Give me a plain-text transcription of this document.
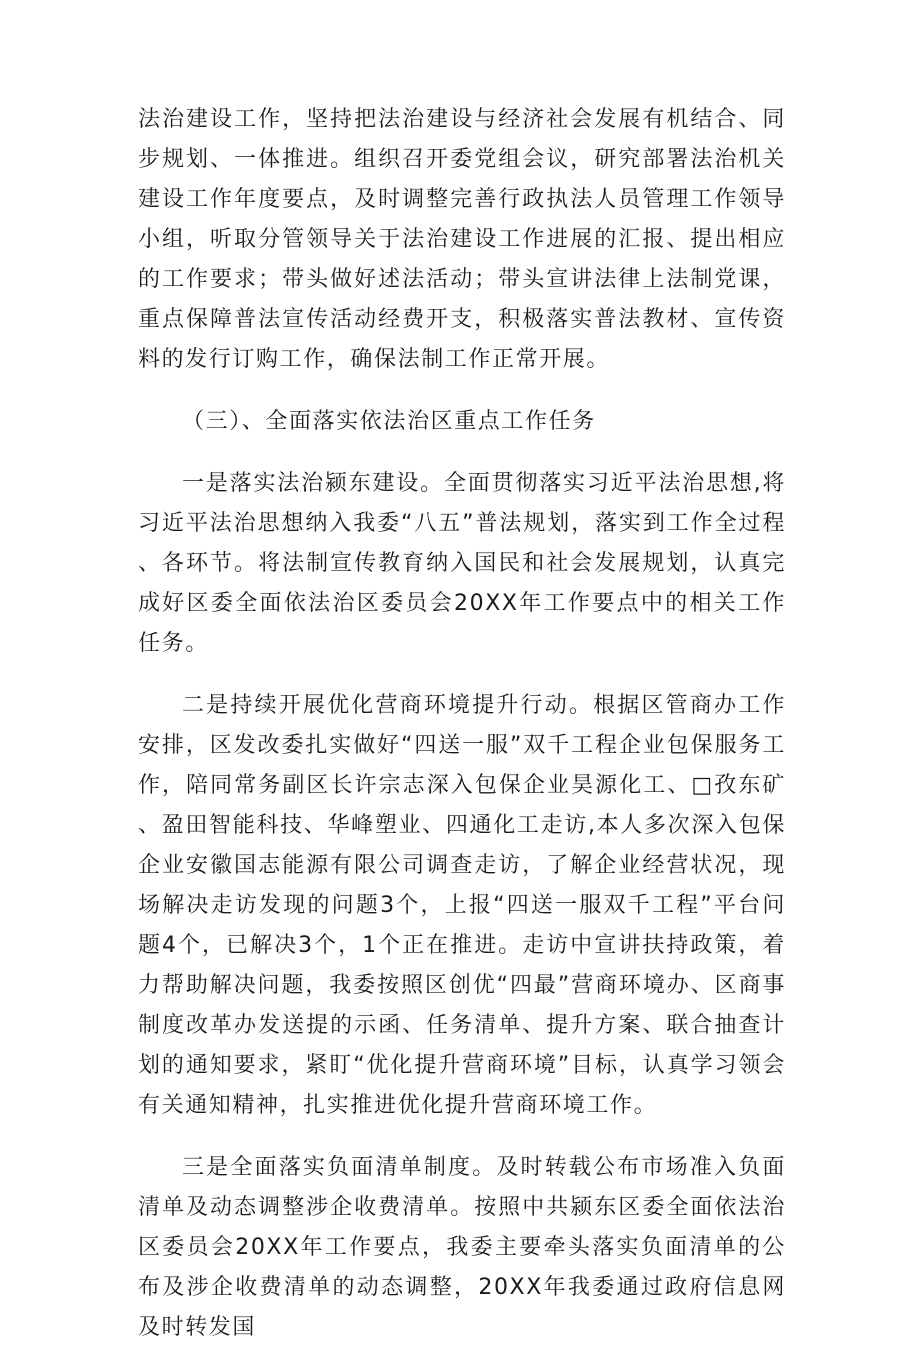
法治建设工作，坚持把法治建设与经济社会发展有机结合、同步规划、一体推进。组织召开委党组会议，研究部署法治机关建设工作年度要点，及时调整完善行政执法人员管理工作领导小组，听取分管领导关于法治建设工作进展的汇报、提出相应的工作要求；带头做好述法活动；带头宣讲法律上法制党课，重点保障普法宣传活动经费开支，积极落实普法教材、宣传资料的发行订购工作，确保法制工作正常开展。

（三）、全面落实依法治区重点工作任务

一是落实法治颍东建设。全面贯彻落实习近平法治思想,将习近平法治思想纳入我委“八五”普法规划，落实到工作全过程、各环节。将法制宣传教育纳入国民和社会发展规划，认真完成好区委全面依法治区委员会20XX年工作要点中的相关工作任务。

二是持续开展优化营商环境提升行动。根据区管商办工作安排，区发改委扎实做好“四送一服”双千工程企业包保服务工作，陪同常务副区长许宗志深入包保企业昊源化工、□孜东矿、盈田智能科技、华峰塑业、四通化工走访,本人多次深入包保企业安徽国志能源有限公司调查走访，了解企业经营状况，现场解决走访发现的问题3个，上报“四送一服双千工程”平台问题4个，已解决3个，1个正在推进。走访中宣讲扶持政策，着力帮助解决问题，我委按照区创优“四最”营商环境办、区商事制度改革办发送提的示函、任务清单、提升方案、联合抽查计划的通知要求，紧盯“优化提升营商环境”目标，认真学习领会有关通知精神，扎实推进优化提升营商环境工作。

三是全面落实负面清单制度。及时转载公布市场准入负面清单及动态调整涉企收费清单。按照中共颍东区委全面依法治区委员会20XX年工作要点，我委主要牵头落实负面清单的公布及涉企收费清单的动态调整，20XX年我委通过政府信息网及时转发国
